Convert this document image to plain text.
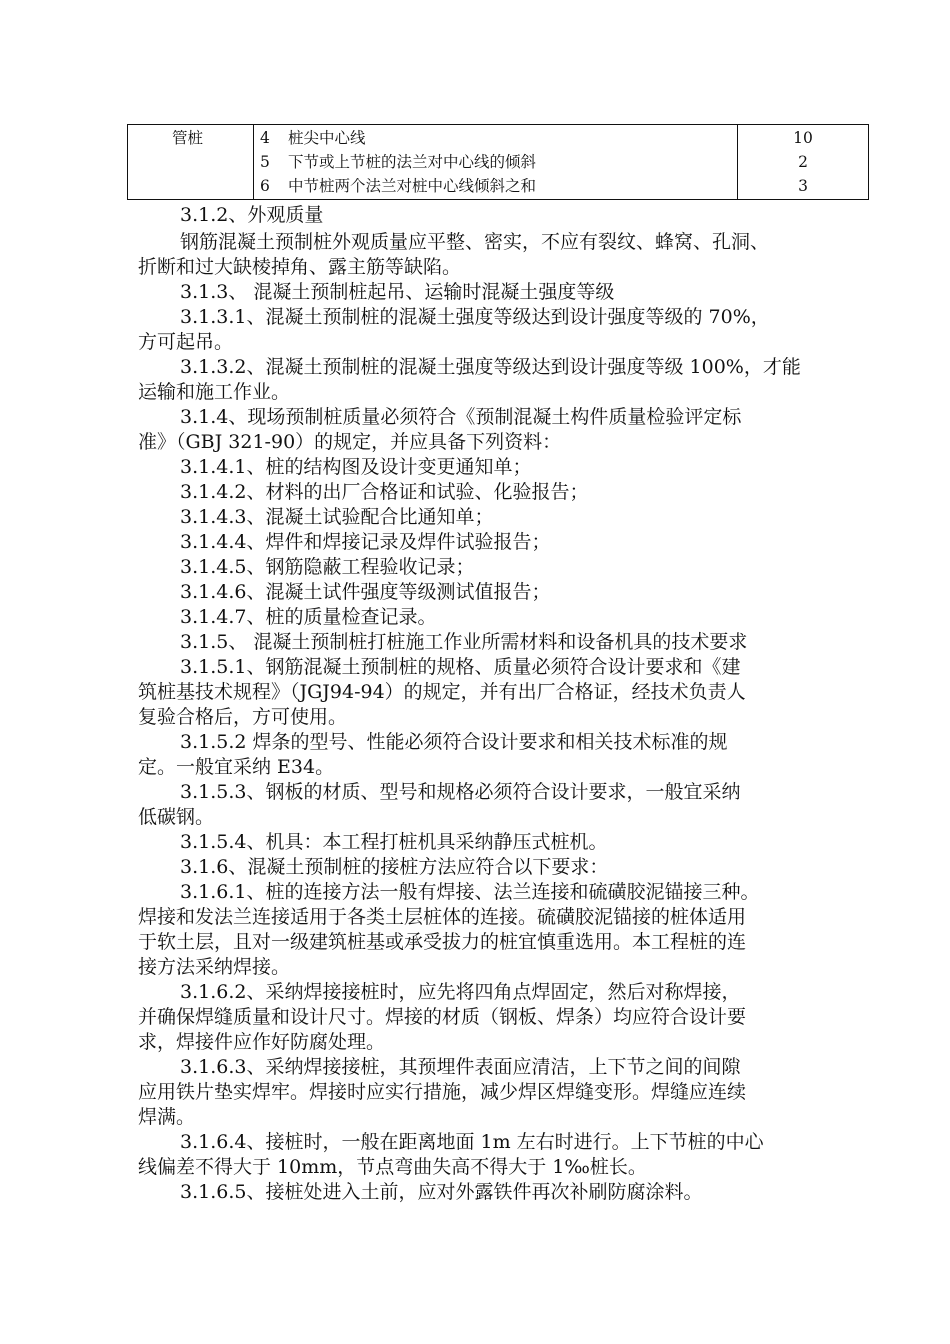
管桩	4 桩尖中心线
5 下节或上节桩的法兰对中心线的倾斜
6 中节桩两个法兰对桩中心线倾斜之和
10
2
3
3.1.2、外观质量
钢筋混凝土预制桩外观质量应平整、密实，不应有裂纹、蜂窝、孔洞、
折断和过大缺棱掉角、露主筋等缺陷。
3.1.3、 混凝土预制桩起吊、运输时混凝土强度等级
3.1.3.1、混凝土预制桩的混凝土强度等级达到设计强度等级的 70%，
方可起吊。
3.1.3.2、混凝土预制桩的混凝土强度等级达到设计强度等级 100%，才能
运输和施工作业。
3.1.4、现场预制桩质量必须符合《预制混凝土构件质量检验评定标
准》（GBJ 321-90）的规定，并应具备下列资料：
3.1.4.1、桩的结构图及设计变更通知单；
3.1.4.2、材料的出厂合格证和试验、化验报告；
3.1.4.3、混凝土试验配合比通知单；
3.1.4.4、焊件和焊接记录及焊件试验报告；
3.1.4.5、钢筋隐蔽工程验收记录；
3.1.4.6、混凝土试件强度等级测试值报告；
3.1.4.7、桩的质量检查记录。
3.1.5、 混凝土预制桩打桩施工作业所需材料和设备机具的技术要求
3.1.5.1、钢筋混凝土预制桩的规格、质量必须符合设计要求和《建
筑桩基技术规程》（JGJ94-94）的规定，并有出厂合格证，经技术负责人
复验合格后，方可使用。
3.1.5.2 焊条的型号、性能必须符合设计要求和相关技术标准的规
定。一般宜采纳 E34。
3.1.5.3、钢板的材质、型号和规格必须符合设计要求，一般宜采纳
低碳钢。
3.1.5.4、机具：本工程打桩机具采纳静压式桩机。
3.1.6、混凝土预制桩的接桩方法应符合以下要求：
3.1.6.1、桩的连接方法一般有焊接、法兰连接和硫磺胶泥锚接三种。
焊接和发法兰连接适用于各类土层桩体的连接。硫磺胶泥锚接的桩体适用
于软土层，且对一级建筑桩基或承受拔力的桩宜慎重选用。本工程桩的连
接方法采纳焊接。
3.1.6.2、采纳焊接接桩时，应先将四角点焊固定，然后对称焊接，
并确保焊缝质量和设计尺寸。焊接的材质（钢板、焊条）均应符合设计要
求，焊接件应作好防腐处理。
3.1.6.3、采纳焊接接桩，其预埋件表面应清洁，上下节之间的间隙
应用铁片垫实焊牢。焊接时应实行措施，减少焊区焊缝变形。焊缝应连续
焊满。
3.1.6.4、接桩时，一般在距离地面 1m 左右时进行。上下节桩的中心
线偏差不得大于 10mm，节点弯曲失高不得大于 1‰桩长。
3.1.6.5、接桩处进入土前，应对外露铁件再次补刷防腐涂料。
